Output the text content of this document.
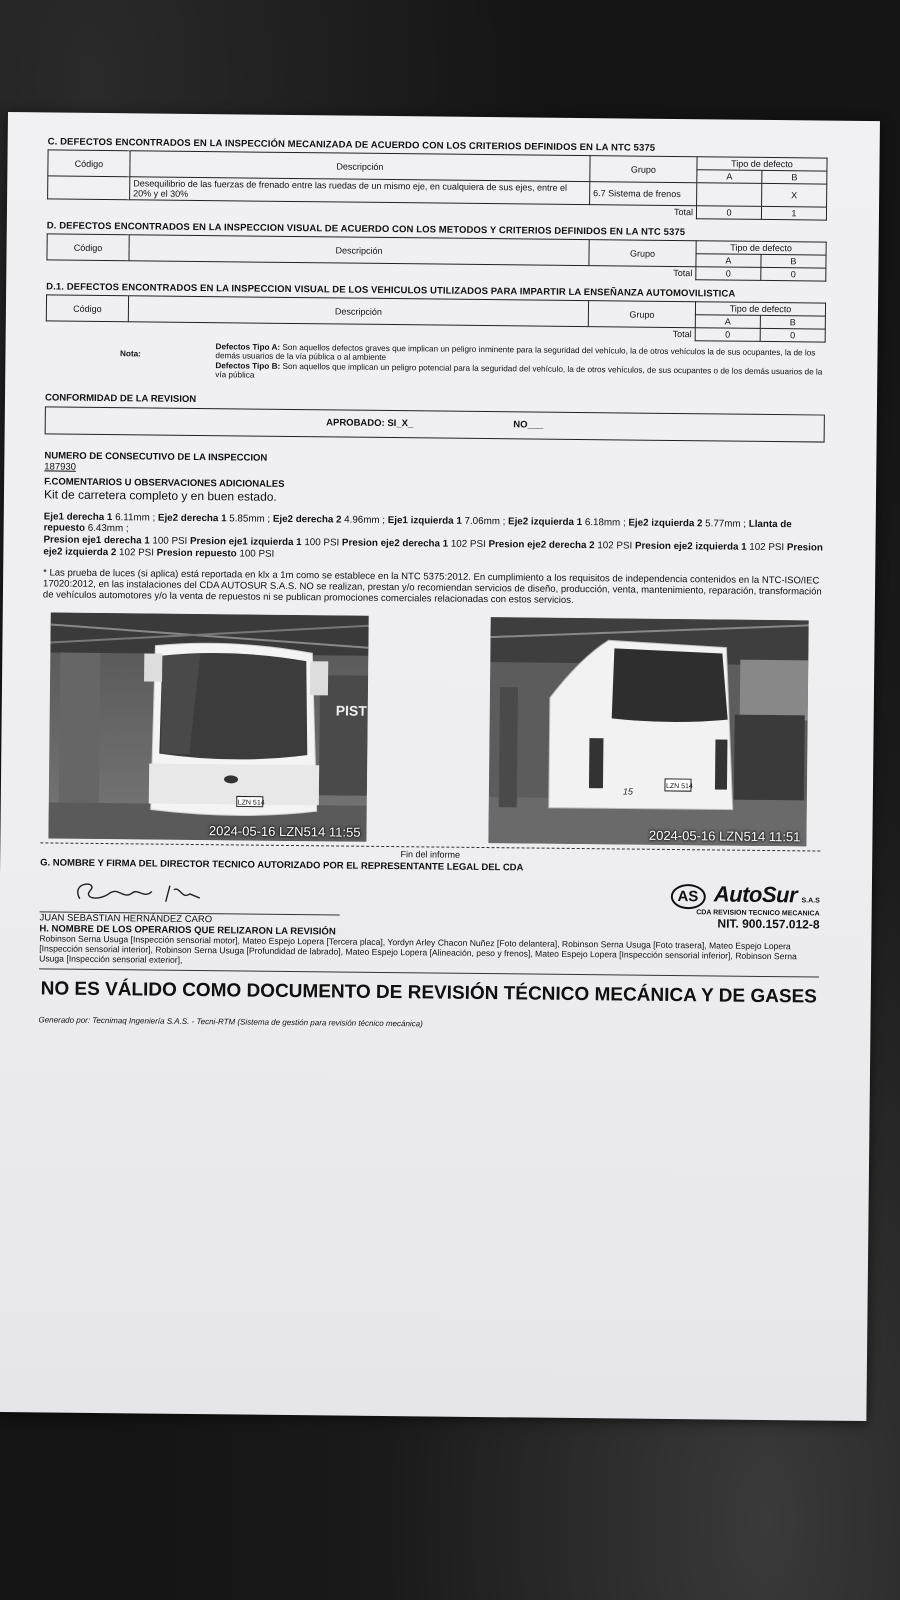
C. DEFECTOS ENCONTRADOS EN LA INSPECCIÓN MECANIZADA DE ACUERDO CON LOS CRITERIOS DEFINIDOS EN LA NTC 5375
Código	Descripción	Grupo	Tipo de defecto	
			A	B
	Desequilibrio de las fuerzas de frenado entre las ruedas de un mismo eje, en cualquiera de sus ejes, entre el 20% y el 30%	6.7 Sistema de frenos		X
		Total	0	1
D. DEFECTOS ENCONTRADOS EN LA INSPECCION VISUAL DE ACUERDO CON LOS METODOS Y CRITERIOS DEFINIDOS EN LA NTC 5375
Código	Descripción	Grupo	Tipo de defecto	
			A	B
		Total	0	0
D.1. DEFECTOS ENCONTRADOS EN LA INSPECCION VISUAL DE LOS VEHICULOS UTILIZADOS PARA IMPARTIR LA ENSEÑANZA AUTOMOVILISTICA
Código	Descripción	Grupo	Tipo de defecto	
			A	B
		Total	0	0
Nota:
Defectos Tipo A: Son aquellos defectos graves que implican un peligro inminente para la seguridad del vehículo, la de otros vehículos la de sus ocupantes, la de los demás usuarios de la vía pública o al ambiente
Defectos Tipo B: Son aquellos que implican un peligro potencial para la seguridad del vehículo, la de otros vehículos, de sus ocupantes o de los demás usuarios de la vía pública
CONFORMIDAD DE LA REVISION
APROBADO: SI_X_	NO___
NUMERO DE CONSECUTIVO DE LA INSPECCION
187930
F.COMENTARIOS U OBSERVACIONES ADICIONALES
Kit de carretera completo y en buen estado.
Eje1 derecha 1 6.11mm ; Eje2 derecha 1 5.85mm ; Eje2 derecha 2 4.96mm ; Eje1 izquierda 1 7.06mm ; Eje2 izquierda 1 6.18mm ; Eje2 izquierda 2 5.77mm ; Llanta de repuesto 6.43mm ;
Presion eje1 derecha 1 100 PSI Presion eje1 izquierda 1 100 PSI Presion eje2 derecha 1 102 PSI Presion eje2 derecha 2 102 PSI Presion eje2 izquierda 1 102 PSI Presion eje2 izquierda 2 102 PSI Presion repuesto 100 PSI
* Las prueba de luces (si aplica) está reportada en klx a 1m como se establece en la NTC 5375:2012. En cumplimiento a los requisitos de independencia contenidos en la NTC-ISO/IEC 17020:2012, en las instalaciones del CDA AUTOSUR S.A.S. NO se realizan, prestan y/o recomiendan servicios de diseño, producción, venta, mantenimiento, reparación, transformación de vehículos automotores y/o la venta de repuestos ni se publican promociones comerciales relacionadas con estos servicios.
PIST
LZN 514
2024-05-16 LZN514 11:55
LZN 514
15
2024-05-16 LZN514 11:51
Fin del informe
G. NOMBRE Y FIRMA DEL DIRECTOR TECNICO AUTORIZADO POR EL REPRESENTANTE LEGAL DEL CDA
JUAN SEBASTIAN HERNÁNDEZ CARO
AS AutoSur S.A.S
CDA REVISION TECNICO MECANICA
NIT. 900.157.012-8
H. NOMBRE DE LOS OPERARIOS QUE RELIZARON LA REVISIÓN
Robinson Serna Usuga [Inspección sensorial motor], Mateo Espejo Lopera [Tercera placa], Yordyn Arley Chacon Nuñez [Foto delantera], Robinson Serna Usuga [Foto trasera], Mateo Espejo Lopera [Inspección sensorial interior], Robinson Serna Usuga [Profundidad de labrado], Mateo Espejo Lopera [Alineación, peso y frenos], Mateo Espejo Lopera [Inspección sensorial inferior], Robinson Serna Usuga [Inspección sensorial exterior],
NO ES VÁLIDO COMO DOCUMENTO DE REVISIÓN TÉCNICO MECÁNICA Y DE GASES
Generado por: Tecnimaq Ingeniería S.A.S. - Tecni-RTM (Sistema de gestión para revisión técnico mecánica)
